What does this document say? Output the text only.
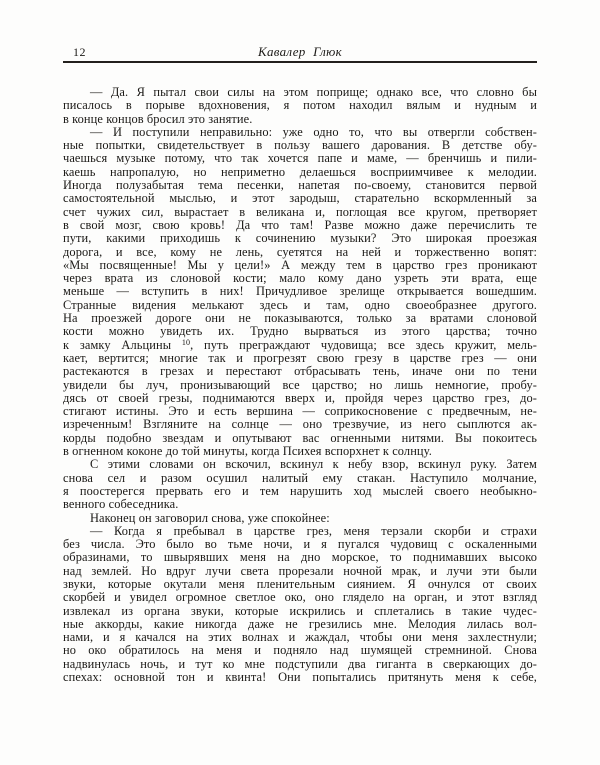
12	Кавалер Глюк
— Да. Я пытал свои силы на этом поприще; однако все, что словно бы
писалось в порыве вдохновения, я потом находил вялым и нудным и
в конце концов бросил это занятие.
— И поступили неправильно: уже одно то, что вы отвергли собствен-
ные попытки, свидетельствует в пользу вашего дарования. В детстве обу-
чаешься музыке потому, что так хочется папе и маме, — бренчишь и пили-
каешь напропалую, но неприметно делаешься восприимчивее к мелодии.
Иногда полузабытая тема песенки, напетая по-своему, становится первой
самостоятельной мыслью, и этот зародыш, старательно вскормленный за
счет чужих сил, вырастает в великана и, поглощая все кругом, претворяет
в свой мозг, свою кровь! Да что там! Разве можно даже перечислить те
пути, какими приходишь к сочинению музыки? Это широкая проезжая
дорога, и все, кому не лень, суетятся на ней и торжественно вопят:
«Мы посвященные! Мы у цели!» А между тем в царство грез проникают
через врата из слоновой кости; мало кому дано узреть эти врата, еще
меньше — вступить в них! Причудливое зрелище открывается вошедшим.
Странные видения мелькают здесь и там, одно своеобразнее другого.
На проезжей дороге они не показываются, только за вратами слоновой
кости можно увидеть их. Трудно вырваться из этого царства; точно
к замку Альцины $^{10}$, путь преграждают чудовища; все здесь кружит, мель-
кает, вертится; многие так и прогрезят свою грезу в царстве грез — они
растекаются в грезах и перестают отбрасывать тень, иначе они по тени
увидели бы луч, пронизывающий все царство; но лишь немногие, пробу-
дясь от своей грезы, поднимаются вверх и, пройдя через царство грез, до-
стигают истины. Это и есть вершина — соприкосновение с предвечным, не-
изреченным! Взгляните на солнце — оно трезвучие, из него сыплются ак-
корды подобно звездам и опутывают вас огненными нитями. Вы покоитесь
в огненном коконе до той минуты, когда Психея вспорхнет к солнцу.
С этими словами он вскочил, вскинул к небу взор, вскинул руку. Затем
снова сел и разом осушил налитый ему стакан. Наступило молчание,
я поостерегся прервать его и тем нарушить ход мыслей своего необыкно-
венного собеседника.
Наконец он заговорил снова, уже спокойнее:
— Когда я пребывал в царстве грез, меня терзали скорби и страхи
без числа. Это было во тьме ночи, и я пугался чудовищ с оскаленными
образинами, то швырявших меня на дно морское, то поднимавших высоко
над землей. Но вдруг лучи света прорезали ночной мрак, и лучи эти были
звуки, которые окутали меня пленительным сиянием. Я очнулся от своих
скорбей и увидел огромное светлое око, оно глядело на орган, и этот взгляд
извлекал из органа звуки, которые искрились и сплетались в такие чудес-
ные аккорды, какие никогда даже не грезились мне. Мелодия лилась вол-
нами, и я качался на этих волнах и жаждал, чтобы они меня захлестнули;
но око обратилось на меня и подняло над шумящей стремниной. Снова
надвинулась ночь, и тут ко мне подступили два гиганта в сверкающих до-
спехах: основной тон и квинта! Они попытались притянуть меня к себе,
